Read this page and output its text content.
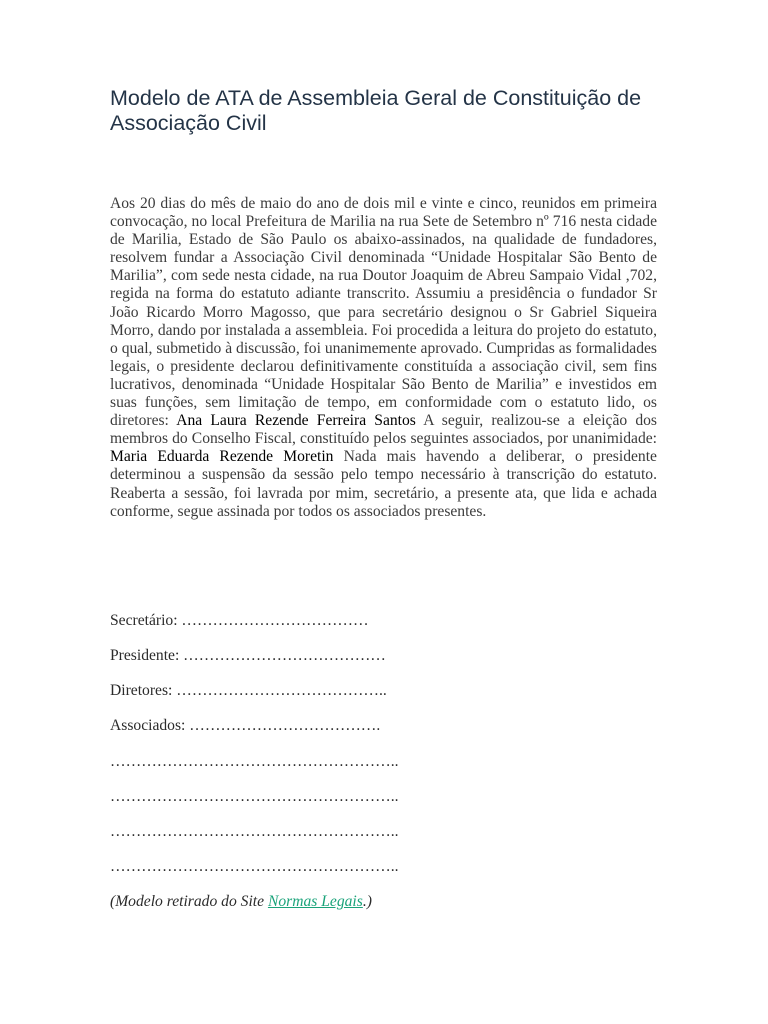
Modelo de ATA de Assembleia Geral de Constituição de Associação Civil

Aos 20 dias do mês de maio do ano de dois mil e vinte e cinco, reunidos em primeira convocação, no local Prefeitura de Marilia na rua Sete de Setembro nº 716 nesta cidade de Marilia, Estado de São Paulo os abaixo-assinados, na qualidade de fundadores, resolvem fundar a Associação Civil denominada “Unidade Hospitalar São Bento de Marilia”, com sede nesta cidade, na rua Doutor Joaquim de Abreu Sampaio Vidal ,702, regida na forma do estatuto adiante transcrito. Assumiu a presidência o fundador Sr João Ricardo Morro Magosso, que para secretário designou o Sr Gabriel Siqueira Morro, dando por instalada a assembleia. Foi procedida a leitura do projeto do estatuto, o qual, submetido à discussão, foi unanimemente aprovado. Cumpridas as formalidades legais, o presidente declarou definitivamente constituída a associação civil, sem fins lucrativos, denominada “Unidade Hospitalar São Bento de Marilia” e investidos em suas funções, sem limitação de tempo, em conformidade com o estatuto lido, os diretores: Ana Laura Rezende Ferreira Santos A seguir, realizou-se a eleição dos membros do Conselho Fiscal, constituído pelos seguintes associados, por unanimidade: Maria Eduarda Rezende Moretin Nada mais havendo a deliberar, o presidente determinou a suspensão da sessão pelo tempo necessário à transcrição do estatuto. Reaberta a sessão, foi lavrada por mim, secretário, a presente ata, que lida e achada conforme, segue assinada por todos os associados presentes.

Secretário: ………………………………

Presidente: …………………………………

Diretores: …………………………………..

Associados: ……………………………….

………………………………………………..

………………………………………………..

………………………………………………..

………………………………………………..

(Modelo retirado do Site Normas Legais.)
